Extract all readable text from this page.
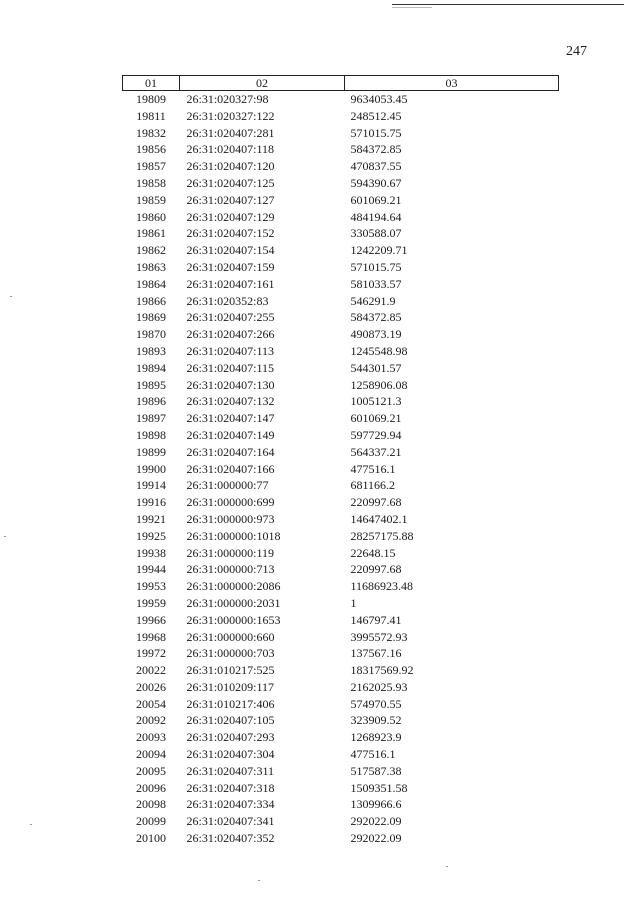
247
01	02	03
19809	26:31:020327:98	9634053.45
19811	26:31:020327:122	248512.45
19832	26:31:020407:281	571015.75
19856	26:31:020407:118	584372.85
19857	26:31:020407:120	470837.55
19858	26:31:020407:125	594390.67
19859	26:31:020407:127	601069.21
19860	26:31:020407:129	484194.64
19861	26:31:020407:152	330588.07
19862	26:31:020407:154	1242209.71
19863	26:31:020407:159	571015.75
19864	26:31:020407:161	581033.57
19866	26:31:020352:83	546291.9
19869	26:31:020407:255	584372.85
19870	26:31:020407:266	490873.19
19893	26:31:020407:113	1245548.98
19894	26:31:020407:115	544301.57
19895	26:31:020407:130	1258906.08
19896	26:31:020407:132	1005121.3
19897	26:31:020407:147	601069.21
19898	26:31:020407:149	597729.94
19899	26:31:020407:164	564337.21
19900	26:31:020407:166	477516.1
19914	26:31:000000:77	681166.2
19916	26:31:000000:699	220997.68
19921	26:31:000000:973	14647402.1
19925	26:31:000000:1018	28257175.88
19938	26:31:000000:119	22648.15
19944	26:31:000000:713	220997.68
19953	26:31:000000:2086	11686923.48
19959	26:31:000000:2031	1
19966	26:31:000000:1653	146797.41
19968	26:31:000000:660	3995572.93
19972	26:31:000000:703	137567.16
20022	26:31:010217:525	18317569.92
20026	26:31:010209:117	2162025.93
20054	26:31:010217:406	574970.55
20092	26:31:020407:105	323909.52
20093	26:31:020407:293	1268923.9
20094	26:31:020407:304	477516.1
20095	26:31:020407:311	517587.38
20096	26:31:020407:318	1509351.58
20098	26:31:020407:334	1309966.6
20099	26:31:020407:341	292022.09
20100	26:31:020407:352	292022.09
